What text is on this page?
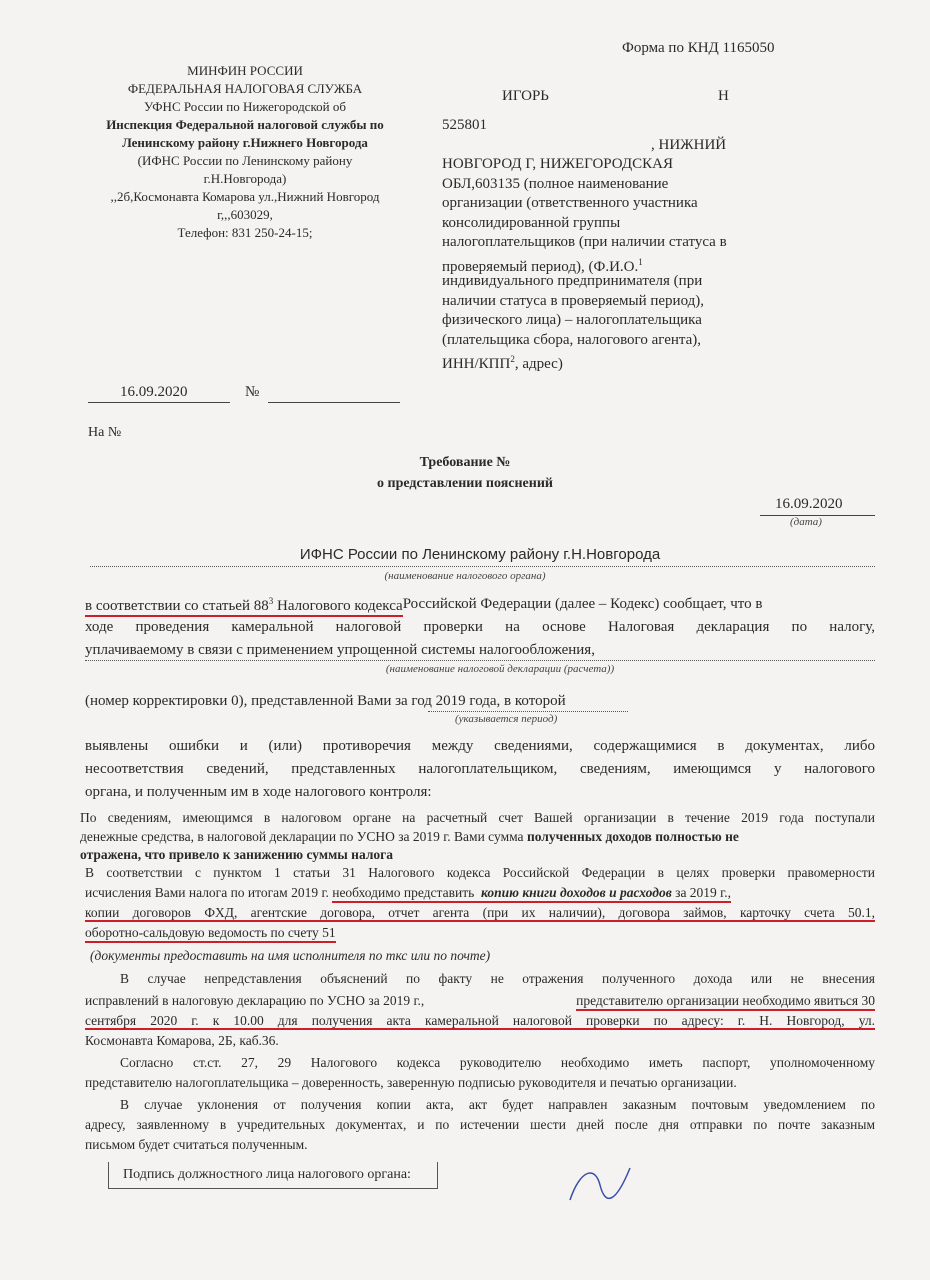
МИНФИН РОССИИ
ФЕДЕРАЛЬНАЯ НАЛОГОВАЯ СЛУЖБА
УФНС России по Нижегородской об
Инспекция Федеральной налоговой службы по
Ленинскому району г.Нижнего Новгорода
(ИФНС России по Ленинскому району
г.Н.Новгорода)
,,2б,Космонавта Комарова ул.,Нижний Новгород
г,,,603029,
Телефон: 831 250-24-15;
Форма по КНД 1165050
ИГОРЬ	Н
525801
, НИЖНИЙ
НОВГОРОД Г, НИЖЕГОРОДСКАЯ
ОБЛ,603135 (полное наименование
организации (ответственного участника
консолидированной группы
налогоплательщиков (при наличии статуса в
проверяемый период), (Ф.И.О.$^1$
индивидуального предпринимателя (при
наличии статуса в проверяемый период),
физического лица) – налогоплательщика
(плательщика сбора, налогового агента),
ИНН/КПП$^2$, адрес)
16.09.2020	№
На №
Требование №
о представлении пояснений
16.09.2020
(дата)
ИФНС России по Ленинскому району г.Н.Новгорода
(наименование налогового органа)
в соответствии со статьей $88^3$ Налогового кодекса Российской Федерации (далее – Кодекс) сообщает, что в
ходе проведения камеральной налоговой проверки на основе Налоговая декларация по налогу,
уплачиваемому в связи с применением упрощенной системы налогообложения,
(наименование налоговой декларации (расчета))
(номер корректировки 0), представленной Вами за год 2019 года, в которой
(указывается период)
выявлены ошибки и (или) противоречия между сведениями, содержащимися в документах, либо
несоответствия сведений, представленных налогоплательщиком, сведениям, имеющимся у налогового
органа, и полученным им в ходе налогового контроля:
По сведениям, имеющимся в налоговом органе на расчетный счет Вашей организации в течение 2019 года поступали
денежные средства, в налоговой декларации по УСНО за 2019 г. Вами сумма
полученных доходов полностью не
отражена, что привело к занижению суммы налога
В соответствии с пунктом 1 статьи 31 Налогового кодекса Российской Федерации в целях проверки правомерности
исчисления Вами налога по итогам 2019 г.
необходимо представить  копию книги доходов и расходов за 2019 г.,
копии договоров ФХД, агентские договора, отчет агента (при их наличии), договора займов, карточку счета 50.1,
оборотно-сальдовую ведомость по счету 51
(документы предоставить на имя исполнителя по ткс или по почте)
В случае непредставления объяснений по факту не отражения полученного дохода или не внесения
исправлений в налоговую декларацию по УСНО за 2019 г.,	представителю организации необходимо явиться 30
сентября 2020 г. к 10.00 для получения акта камеральной налоговой проверки по адресу: г. Н. Новгород, ул.
Космонавта Комарова, 2Б, каб.36.
Согласно ст.ст. 27, 29 Налогового кодекса руководителю необходимо иметь паспорт, уполномоченному
представителю налогоплательщика – доверенность, заверенную подписью руководителя и печатью организации.
В случае уклонения от получения копии акта, акт будет направлен заказным почтовым уведомлением по
адресу, заявленному в учредительных документах, и по истечении шести дней после дня отправки по почте заказным
письмом будет считаться полученным.
Подпись должностного лица налогового органа:
